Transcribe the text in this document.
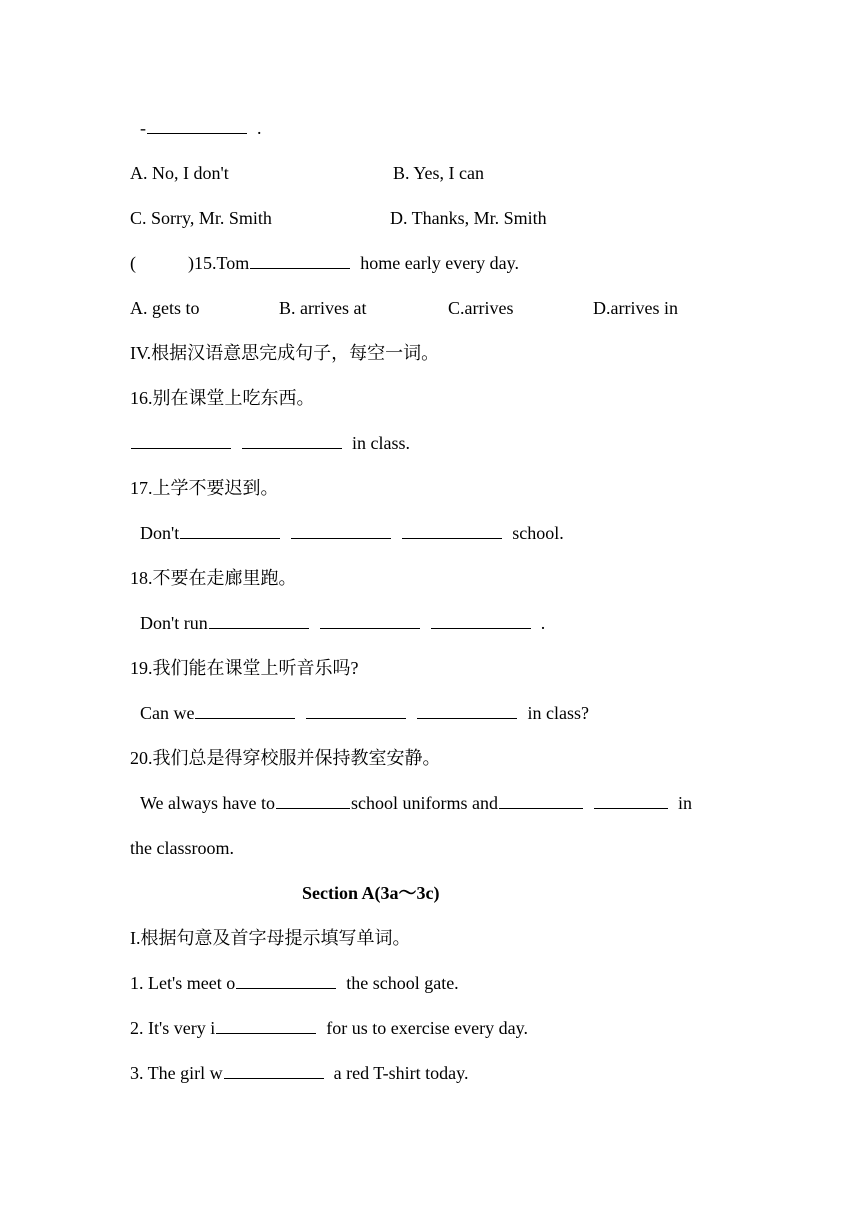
-	.
A. No, I don't	B. Yes, I can
C. Sorry, Mr. Smith	D. Thanks, Mr. Smith
(	)15.Tom	home early every day.
A. gets to	B. arrives at	C.arrives	D.arrives in
IV.根据汉语意思完成句子，每空一词。
16.别在课堂上吃东西。
in class.
17.上学不要迟到。
Don't	school.
18.不要在走廊里跑。
Don't run	.
19.我们能在课堂上听音乐吗?
Can we	in class?
20.我们总是得穿校服并保持教室安静。
We always have to	school uniforms and	in
the classroom.
Section A(3a～3c)
I.根据句意及首字母提示填写单词。
1. Let's meet o	the school gate.
2. It's very i	for us to exercise every day.
3. The girl w	a red T-shirt today.
